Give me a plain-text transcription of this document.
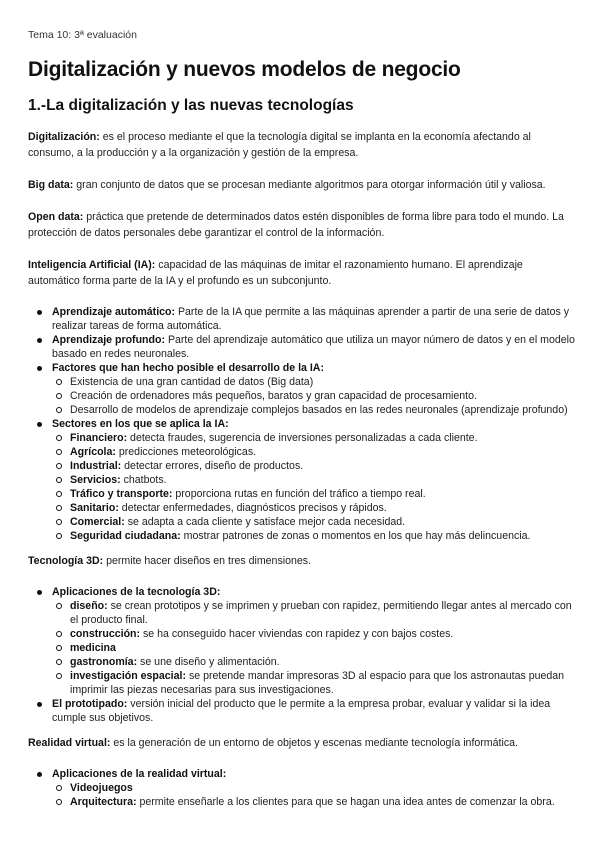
Tema 10: 3ª evaluación
Digitalización y nuevos modelos de negocio
1.-La digitalización y las nuevas tecnologías

Digitalización: es el proceso mediante el que la tecnología digital se implanta en la economía afectando al consumo, a la producción y a la organización y gestión de la empresa.

Big data: gran conjunto de datos que se procesan mediante algoritmos para otorgar información útil y valiosa.

Open data: práctica que pretende de determinados datos estén disponibles de forma libre para todo el mundo. La protección de datos personales debe garantizar el control de la información.

Inteligencia Artificial (IA): capacidad de las máquinas de imitar el razonamiento humano. El aprendizaje automático forma parte de la IA y el profundo es un subconjunto.

Aprendizaje automático: Parte de la IA que permite a las máquinas aprender a partir de una serie de datos y realizar tareas de forma automática.
Aprendizaje profundo: Parte del aprendizaje automático que utiliza un mayor número de datos y en el modelo basado en redes neuronales.
Factores que han hecho posible el desarrollo de la IA:
Existencia de una gran cantidad de datos (Big data)
Creación de ordenadores más pequeños, baratos y gran capacidad de procesamiento.
Desarrollo de modelos de aprendizaje complejos basados en las redes neuronales (aprendizaje profundo)
Sectores en los que se aplica la IA:
Financiero: detecta fraudes, sugerencia de inversiones personalizadas a cada cliente.
Agrícola: predicciones meteorológicas.
Industrial: detectar errores, diseño de productos.
Servicios: chatbots.
Tráfico y transporte: proporciona rutas en función del tráfico a tiempo real.
Sanitario: detectar enfermedades, diagnósticos precisos y rápidos.
Comercial: se adapta a cada cliente y satisface mejor cada necesidad.
Seguridad ciudadana: mostrar patrones de zonas o momentos en los que hay más delincuencia.

Tecnología 3D: permite hacer diseños en tres dimensiones.

Aplicaciones de la tecnología 3D:
diseño: se crean prototipos y se imprimen y prueban con rapidez, permitiendo llegar antes al mercado con el producto final.
construcción: se ha conseguido hacer viviendas con rapidez y con bajos costes.
medicina
gastronomía: se une diseño y alimentación.
investigación espacial: se pretende mandar impresoras 3D al espacio para que los astronautas puedan imprimir las piezas necesarias para sus investigaciones.
El prototipado: versión inicial del producto que le permite a la empresa probar, evaluar y validar si la idea cumple sus objetivos.

Realidad virtual: es la generación de un entorno de objetos y escenas mediante tecnología informática.

Aplicaciones de la realidad virtual:
Videojuegos
Arquitectura: permite enseñarle a los clientes para que se hagan una idea antes de comenzar la obra.
